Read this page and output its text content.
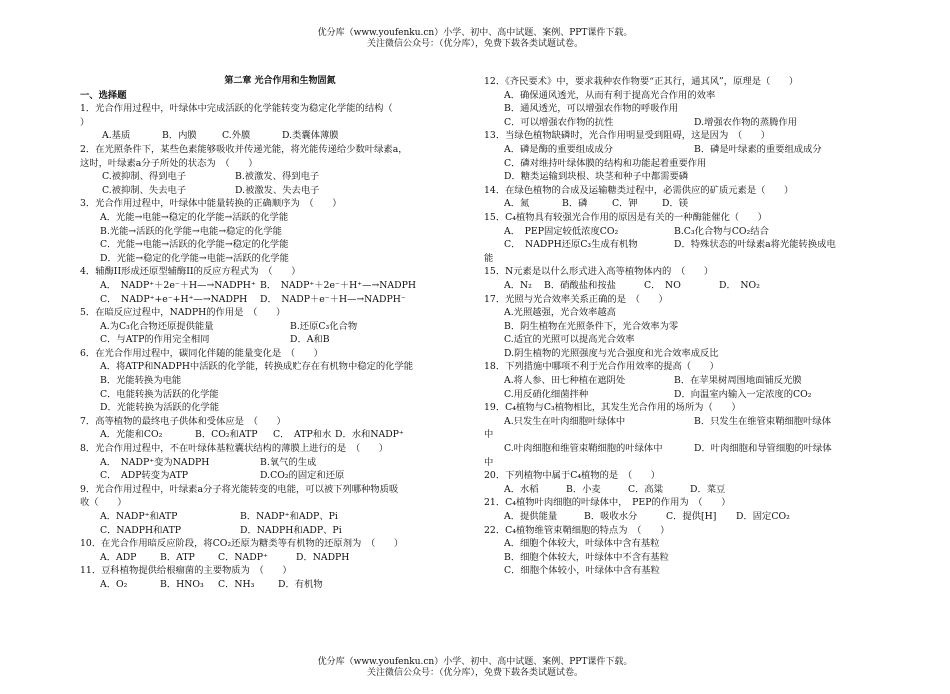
优分库（www.youfenku.cn）小学、初中、高中试题、案例、PPT课件下载。
关注微信公众号：（优分库），免费下载各类试题试卷。
第二章 光合作用和生物固氮
一、选择题
1．光合作用过程中，叶绿体中完成活跃的化学能转变为稳定化学能的结构（
）
A.基质	B．内膜	C.外膜	D.类囊体薄膜
2．在光照条件下，某些色素能够吸收并传递光能，将光能传递给少数叶绿素a，
这时，叶绿素a分子所处的状态为　（　　）
C.被抑制、得到电子	B.被激发、得到电子
C.被抑制、失去电子	D.被激发、失去电子
3．光合作用过程中，叶绿体中能量转换的正确顺序为　（　　）
A．光能→电能→稳定的化学能→活跃的化学能
B.光能→活跃的化学能→电能→稳定的化学能
C．光能→电能→活跃的化学能→稳定的化学能
D．光能→稳定的化学能→电能→活跃的化学能
4．辅酶II形成还原型辅酶II的反应方程式为　（　　）
A．　NADP⁺＋2e⁻＋H—→NADPH⁺ B．　NADP⁺＋2e⁻＋H⁺—→NADPH
C．　NADP⁺+e⁻+H⁺—→NADPH	D．　NADP＋e⁻＋H—→NADPH⁻
5．在暗反应过程中，NADPH的作用是　（　　）
A.为C₃化合物还原提供能量	B.还原C₃化合物
C．与ATP的作用完全相同	D．A和B
6．在光合作用过程中，碳同化伴随的能量变化是　（　　）
A．将ATP和NADPH中活跃的化学能，转换成贮存在有机物中稳定的化学能
B．光能转换为电能
C．电能转换为活跃的化学能
D．光能转换为活跃的化学能
7．高等植物的最终电子供体和受体应是　（　　）
A．光能和CO₂	B．CO₂和ATP	C．　ATP和水 D．水和NADP⁺
8．光合作用过程中，不在叶绿体基粒囊状结构的薄膜上进行的是　（　　）
A．　NADP⁺变为NADPH	B.氧气的生成
C．　ADP转变为ATP	D.CO₂的固定和还原
9．光合作用过程中，叶绿素a分子将光能转变的电能，可以被下列哪种物质吸
收（　　）
A．NADP⁺和ATP	B．NADP⁺和ADP、Pi
C．NADPH和ATP	D．NADPH和ADP、Pi
10．在光合作用暗反应阶段，将CO₂还原为糖类等有机物的还原剂为　（　　）
A．ADP	B．ATP	C．NADP⁺	D．NADPH
11．豆科植物提供给根瘤菌的主要物质为　（　　）
A．O₂	B．HNO₃	C．NH₃	D．有机物
12．《齐民要术》中，要求栽种农作物要“正其行，通其风”，原理是（　　）
A．确保通风透光，从而有利于提高光合作用的效率
B．通风透光，可以增强农作物的呼吸作用
C．可以增强农作物的抗性	D.增强农作物的蒸腾作用
13．当绿色植物缺磷时，光合作用明显受到阻碍，这是因为　（　　）
A．磷是酶的重要组成成分	B．磷是叶绿素的重要组成成分
C．磷对维持叶绿体膜的结构和功能起着重要作用
D．糖类运输到块根、块茎和种子中都需要磷
14．在绿色植物的合成及运输糖类过程中，必需供应的矿质元素是（　　）
A．氮	B．磷	C．钾	D．镁
15．C₄植物具有较强光合作用的原因是有关的一种酶能催化（　　）
A．　PEP固定较低浓度CO₂	B.C₃化合物与CO₂结合
C．　NADPH还原C₃生成有机物	D．特殊状态的叶绿素a将光能转换成电
能
15．N元素是以什么形式进入高等植物体内的　（　　）
A．N₂	B．硝酸盐和按盐	C．　NO	D．　NO₂
17．光照与光合效率关系正确的是　（　　）
A.光照越强，光合效率越高
B．阴生植物在光照条件下，光合效率为零
C.适宜的光照可以提高光合效率
D.阴生植物的光照强度与光合强度和光合效率成反比
18．下列措施中哪项不利于光合作用效率的提高（　　）
A.将人参、田七种植在遮阴处	B．在苹果树周围地面铺反光膜
C.用反硝化细菌拌种	D．向温室内输入一定浓度的CO₂
19．C₄植物与C₃植物相比，其发生光合作用的场所为（　　）
A.只发生在叶肉细胞叶绿体中	B．只发生在维管束鞘细胞叶绿体
中
C.叶肉细胞和维管束鞘细胞的叶绿体中	D．叶肉细胞和导管细胞的叶绿体
中
20．下列植物中属于C₄植物的是　（　　）
A．水稻	B．小麦	C．高粱	D．菜豆
21．C₄植物叶肉细胞的叶绿体中，　PEP的作用为　（　　）
A．提供能量	B．吸收水分	C．提供[H]	D．固定CO₂
22．C₄植物维管束鞘细胞的特点为　（　　）
A．细胞个体较大，叶绿体中含有基粒
B．细胞个体较大，叶绿体中不含有基粒
C．细胞个体较小，叶绿体中含有基粒
优分库（www.youfenku.cn）小学、初中、高中试题、案例、PPT课件下载。
关注微信公众号：（优分库），免费下载各类试题试卷。
